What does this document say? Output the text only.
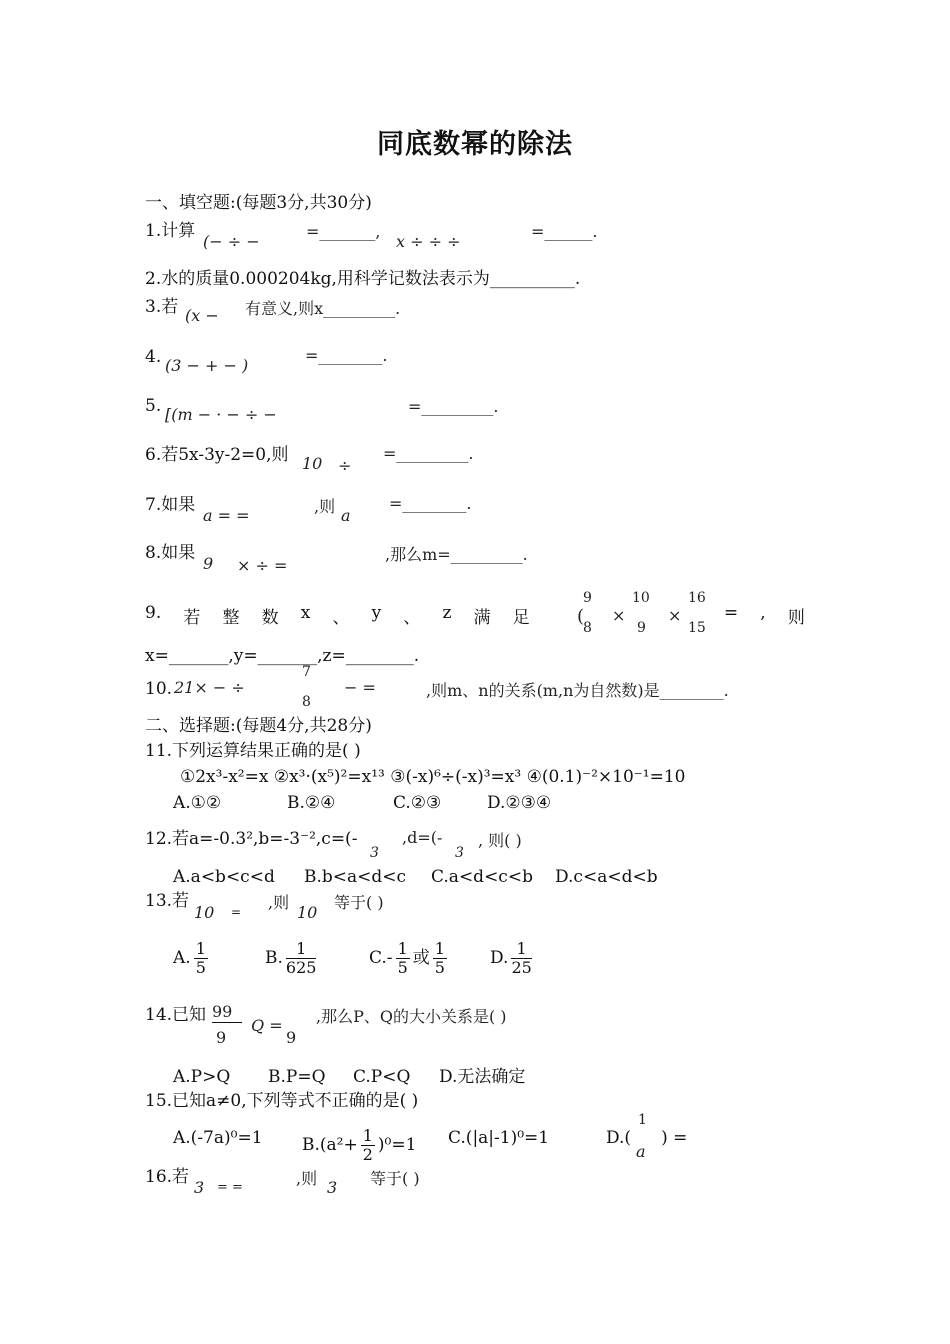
同底数幂的除法
一、填空题:(每题3分,共30分)
1.计算
(− ÷ −
=_______,
x ÷ ÷ ÷
=______.
2.水的质量0.000204kg,用科学记数法表示为__________.
3.若 (x − 有意义,则x_________.
4. (3 − + − )
=________.
5. [(m − · − ÷ −	=_________.
6.若5x-3y-2=0,则 10 ÷
=_________.
7.如果
a = =	,则 a
=________.
8.如果
9 × ÷ =
,那么m=_________.
9. 若 整 数 x 、 y 、 z 满 足	= , 则
(
9
8
×
10
9
×
16
15
x=_______,y=_______,z=________.
10. 21× − ÷
7
8
− =	,则m、n的关系(m,n为自然数)是________.
二、选择题:(每题4分,共28分)
11.下列运算结果正确的是( )
①2x³-x²=x ②x³·(x⁵)²=x¹³ ③(-x)⁶÷(-x)³=x³ ④(0.1)⁻²×10⁻¹=10
A.①②	B.②④	C.②③	D.②③④
12.若a=-0.3²,b=-3⁻²,c=(-
3
,d=(-
3
, 则( )
A.a<b<c<d B.b<a<d<c C.a<d<c<b D.c<a<d<b
13.若
10 = ,则
10
等于( )
A. $\frac{1}{5}$	B. $\frac{1}{625}$	$C.- \frac{1}{5}$ 或 $\frac{1}{5}$	D. $\frac{1}{25}$
14.已知 99
9
Q =
9
,那么P、Q的大小关系是( )
A.P>Q B.P=Q C.P<Q D.无法确定
15.已知a≠0,下列等式不正确的是( )
A.(-7a)⁰=1 $B.(a^2+ \frac{1}{2} )^0=1$ C.(|a|-1)⁰=1	D.( ) =
1
a
16.若
3 = =	,则 3 等于( )
